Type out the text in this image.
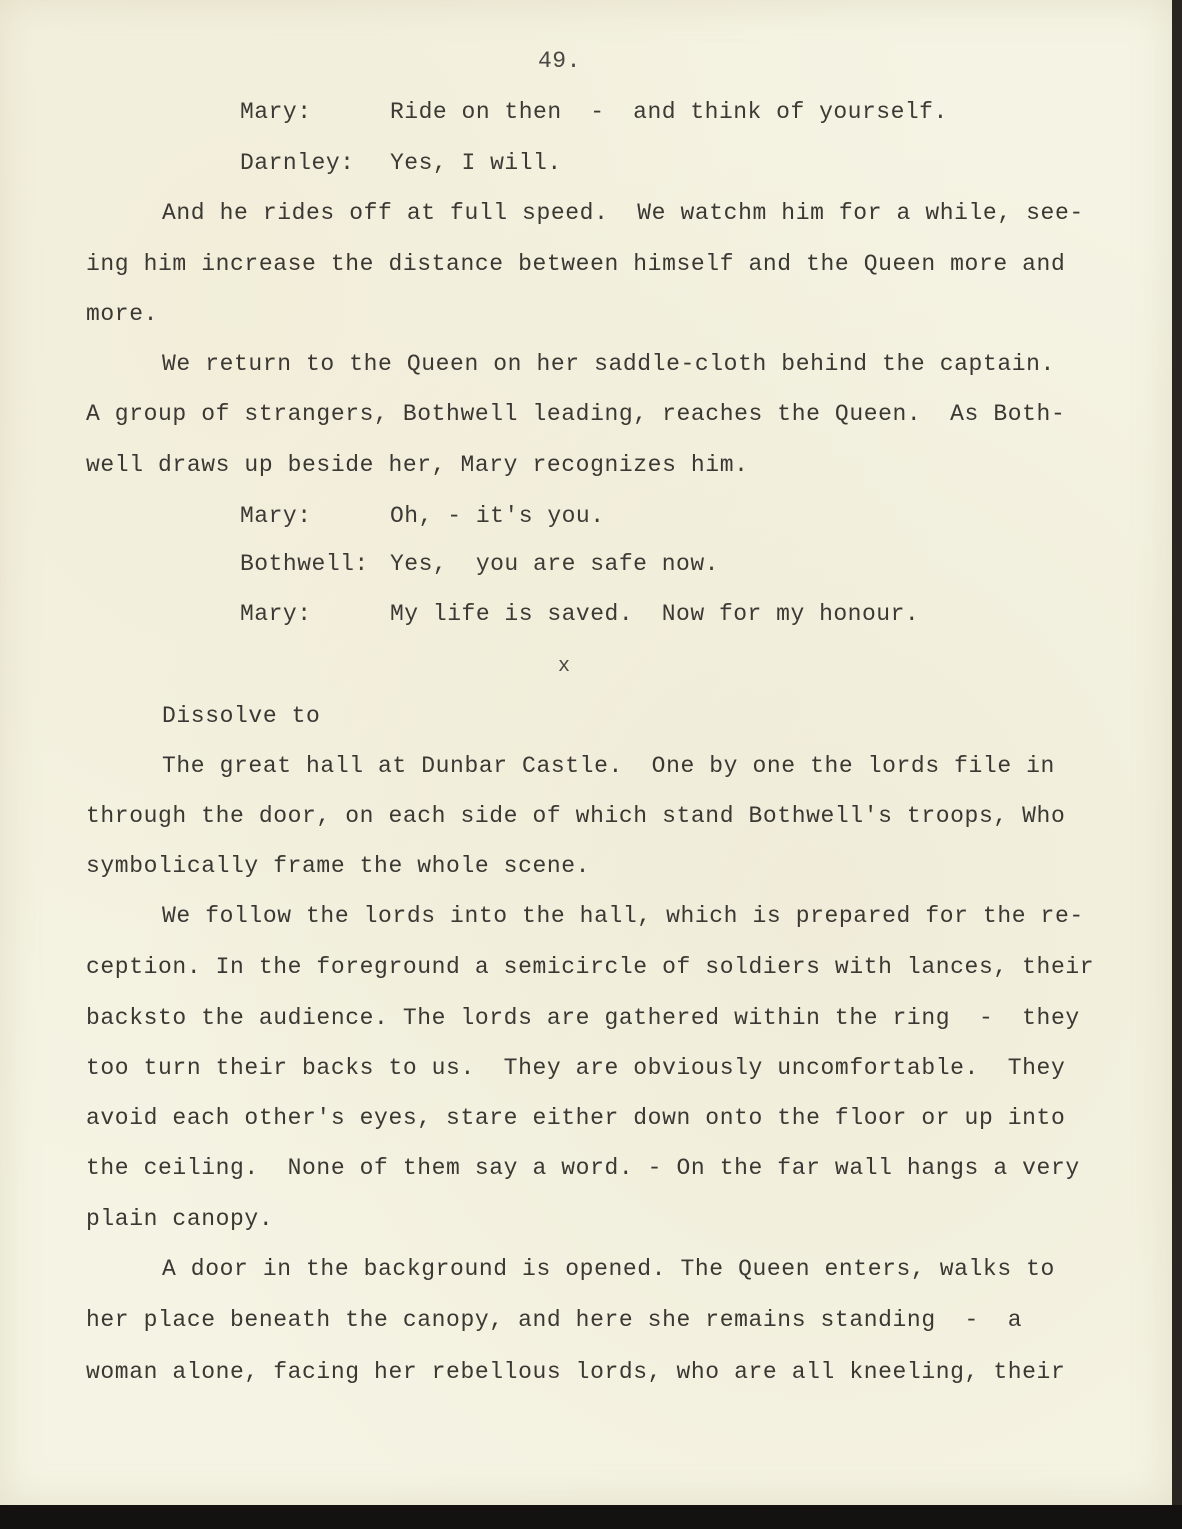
49.
Mary:	Ride on then  -  and think of yourself.
Darnley: Yes, I will.
And he rides off at full speed.  We watchm him for a while, see-
ing him increase the distance between himself and the Queen more and
more.
We return to the Queen on her saddle-cloth behind the captain.
A group of strangers, Bothwell leading, reaches the Queen.  As Both-
well draws up beside her, Mary recognizes him.
Mary:	Oh, - it's you.
Bothwell: Yes,  you are safe now.
Mary:	My life is saved.  Now for my honour.
x
Dissolve to
The great hall at Dunbar Castle.  One by one the lords file in
through the door, on each side of which stand Bothwell's troops, Who
symbolically frame the whole scene.
We follow the lords into the hall, which is prepared for the re-
ception. In the foreground a semicircle of soldiers with lances, their
backsto the audience. The lords are gathered within the ring  -  they
too turn their backs to us.  They are obviously uncomfortable.  They
avoid each other's eyes, stare either down onto the floor or up into
the ceiling.  None of them say a word. - On the far wall hangs a very
plain canopy.
A door in the background is opened. The Queen enters, walks to
her place beneath the canopy, and here she remains standing  -  a
woman alone, facing her rebellous lords, who are all kneeling, their
